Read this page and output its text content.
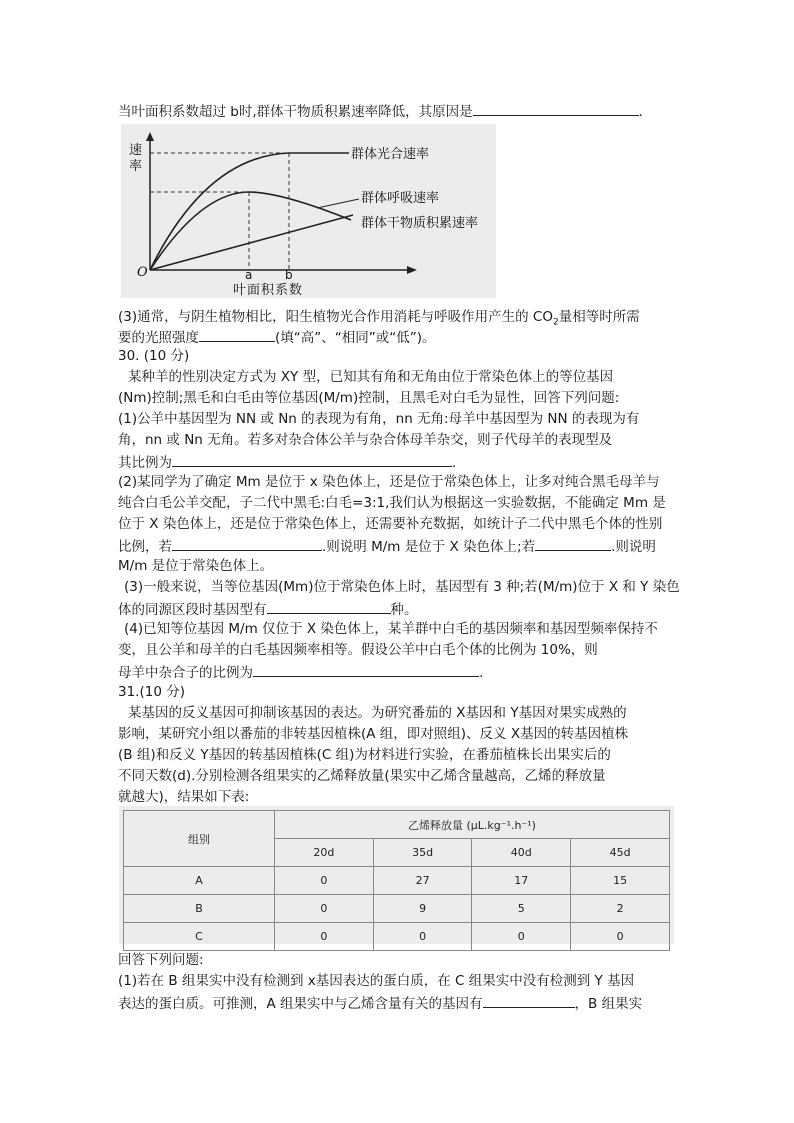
当叶面积系数超过 b时,群体干物质积累速率降低，其原因是	.
速 率
O	a	b
叶面积系数
群体光合速率
群体呼吸速率
群体干物质积累速率
(3)通常，与阴生植物相比，阳生植物光合作用消耗与呼吸作用产生的 $CO_2$量相等时所需
要的光照强度	(填“高”、“相同”或“低”)。
30. (10 分)
某种羊的性别决定方式为 XY 型，已知其有角和无角由位于常染色体上的等位基因
(Nm)控制;黑毛和白毛由等位基因(M/m)控制，且黑毛对白毛为显性，回答下列问题:
(1)公羊中基因型为 NN 或 Nn 的表现为有角，nn 无角:母羊中基因型为 NN 的表现为有
角，nn 或 Nn 无角。若多对杂合体公羊与杂合体母羊杂交，则子代母羊的表现型及
其比例为	.
(2)某同学为了确定 Mm 是位于 x 染色体上，还是位于常染色体上，让多对纯合黑毛母羊与
纯合白毛公羊交配，子二代中黑毛:白毛=3:1,我们认为根据这一实验数据，不能确定 Mm 是
位于 X 染色体上，还是位于常染色体上，还需要补充数据，如统计子二代中黑毛个体的性别
比例，若	.则说明 M/m 是位于 X 染色体上;若	.则说明
M/m 是位于常染色体上。
(3)一般来说，当等位基因(Mm)位于常染色体上时，基因型有 3 种;若(M/m)位于 X 和 Y 染色
体的同源区段时基因型有	种。
(4)已知等位基因 M/m 仅位于 X 染色体上，某羊群中白毛的基因频率和基因型频率保持不
变，且公羊和母羊的白毛基因频率相等。假设公羊中白毛个体的比例为 10%，则
母羊中杂合子的比例为	.
31.(10 分)
某基因的反义基因可抑制该基因的表达。为研究番茄的 X基因和 Y基因对果实成熟的
影响，某研究小组以番茄的非转基因植株(A 组，即对照组)、反义 X基因的转基因植株
(B 组)和反义 Y基因的转基因植株(C 组)为材料进行实验，在番茄植株长出果实后的
不同天数(d).分别检测各组果实的乙烯释放量(果实中乙烯含量越高，乙烯的释放量
就越大)，结果如下表:
组别	乙烯释放量 (μL.kg⁻¹.h⁻¹)			
	20d	35d	40d	45d
A	0	27	17	15
B	0	9	5	2
C	0	0	0	0
回答下列问题:
(1)若在 B 组果实中没有检测到 x基因表达的蛋白质，在 C 组果实中没有检测到 Y 基因
表达的蛋白质。可推测，A 组果实中与乙烯含量有关的基因有	，B 组果实
